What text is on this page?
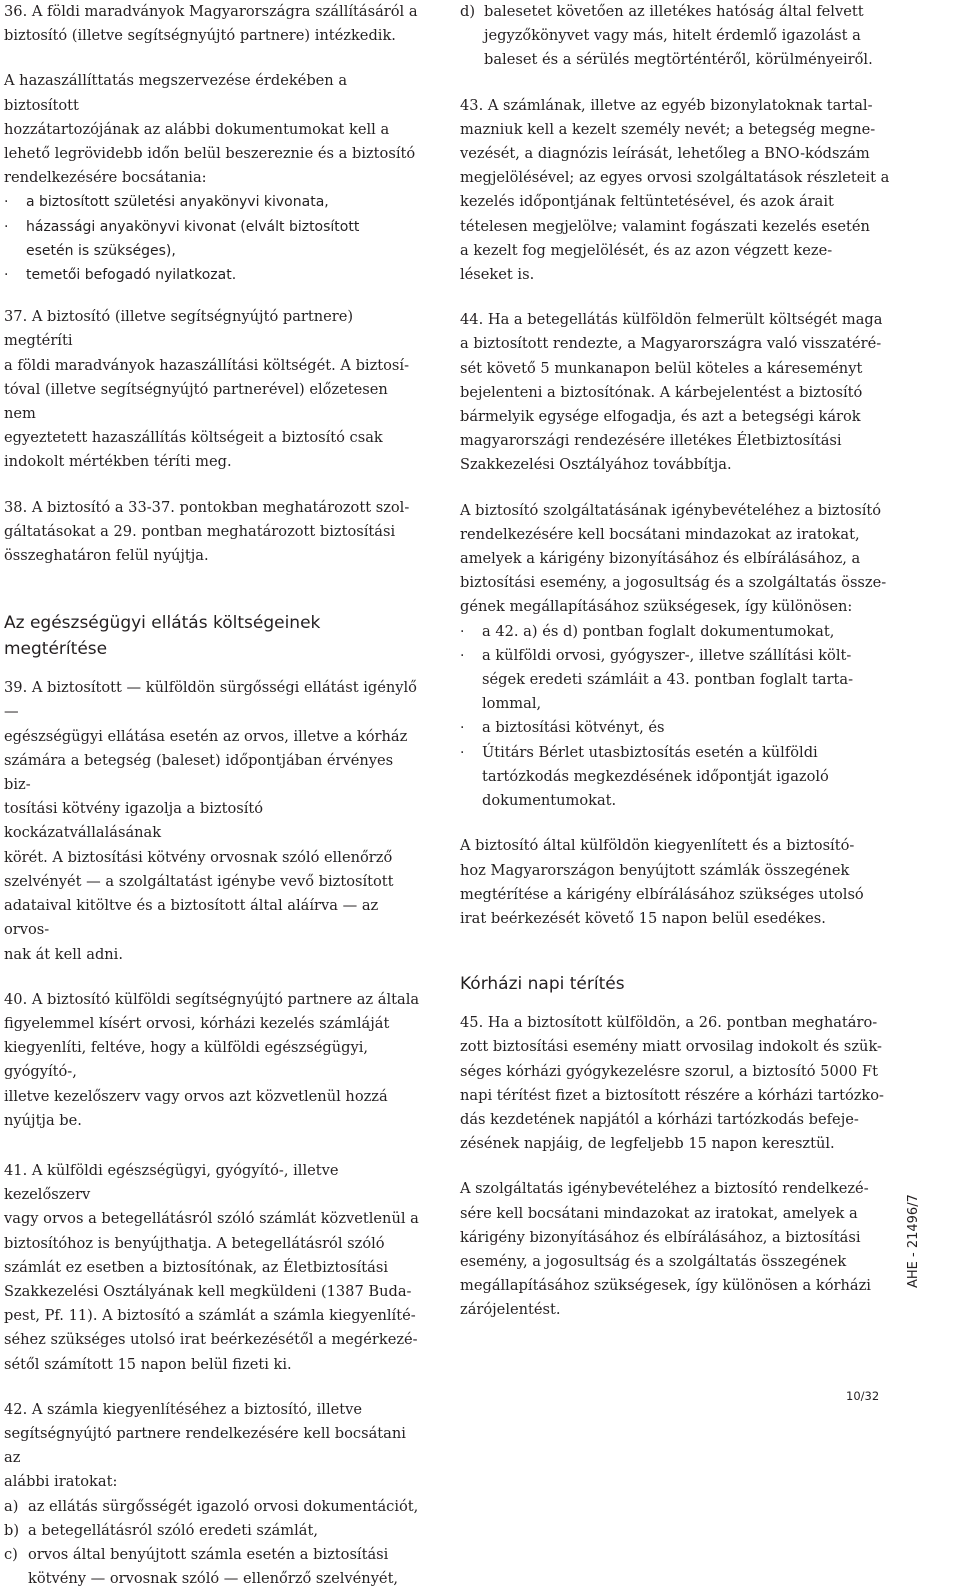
36. A földi maradványok Magyarországra szállításáról a
biztosító (illetve segítségnyújtó partnere) intézkedik.

A hazaszállíttatás megszervezése érdekében a biztosított
hozzátartozójának az alábbi dokumentumokat kell a
lehető legrövidebb időn belül beszereznie és a biztosító
rendelkezésére bocsátania:

·	a biztosított születési anyakönyvi kivonata,
·	házassági anyakönyvi kivonat (elvált biztosított
esetén is szükséges),
·	temetői befogadó nyilatkozat.

37. A biztosító (illetve segítségnyújtó partnere) megtéríti
a földi maradványok hazaszállítási költségét. A biztosí-
tóval (illetve segítségnyújtó partnerével) előzetesen nem
egyeztetett hazaszállítás költségeit a biztosító csak
indokolt mértékben téríti meg.

38. A biztosító a 33-37. pontokban meghatározott szol-
gáltatásokat a 29. pontban meghatározott biztosítási
összeghatáron felül nyújtja.

Az egészségügyi ellátás költségeinek megtérítése

39. A biztosított — külföldön sürgősségi ellátást igénylő —
egészségügyi ellátása esetén az orvos, illetve a kórház
számára a betegség (baleset) időpontjában érvényes biz-
tosítási kötvény igazolja a biztosító kockázatvállalásának
körét. A biztosítási kötvény orvosnak szóló ellenőrző
szelvényét — a szolgáltatást igénybe vevő biztosított
adataival kitöltve és a biztosított által aláírva — az orvos-
nak át kell adni.

40. A biztosító külföldi segítségnyújtó partnere az általa
figyelemmel kísért orvosi, kórházi kezelés számláját
kiegyenlíti, feltéve, hogy a külföldi egészségügyi, gyógyító-,
illetve kezelőszerv vagy orvos azt közvetlenül hozzá
nyújtja be.

41. A külföldi egészségügyi, gyógyító-, illetve kezelőszerv
vagy orvos a betegellátásról szóló számlát közvetlenül a
biztosítóhoz is benyújthatja. A betegellátásról szóló
számlát ez esetben a biztosítónak, az Életbiztosítási
Szakkezelési Osztályának kell megküldeni (1387 Buda-
pest, Pf. 11). A biztosító a számlát a számla kiegyenlíté-
séhez szükséges utolsó irat beérkezésétől a megérkezé-
sétől számított 15 napon belül fizeti ki.

42. A számla kiegyenlítéséhez a biztosító, illetve
segítségnyújtó partnere rendelkezésére kell bocsátani az
alábbi iratokat:

a) az ellátás sürgősségét igazoló orvosi dokumentációt,
b) a betegellátásról szóló eredeti számlát,
c) orvos által benyújtott számla esetén a biztosítási
kötvény — orvosnak szóló — ellenőrző szelvényét,
d) balesetet követően az illetékes hatóság által felvett
jegyzőkönyvet vagy más, hitelt érdemlő igazolást a
baleset és a sérülés megtörténtéről, körülményeiről.

43. A számlának, illetve az egyéb bizonylatoknak tartal-
mazniuk kell a kezelt személy nevét; a betegség megne-
vezését, a diagnózis leírását, lehetőleg a BNO-kódszám
megjelölésével; az egyes orvosi szolgáltatások részleteit a
kezelés időpontjának feltüntetésével, és azok árait
tételesen megjelölve; valamint fogászati kezelés esetén
a kezelt fog megjelölését, és az azon végzett keze-
léseket is.

44. Ha a betegellátás külföldön felmerült költségét maga
a biztosított rendezte, a Magyarországra való visszatéré-
sét követő 5 munkanapon belül köteles a káreseményt
bejelenteni a biztosítónak. A kárbejelentést a biztosító
bármelyik egysége elfogadja, és azt a betegségi károk
magyarországi rendezésére illetékes Életbiztosítási
Szakkezelési Osztályához továbbítja.

A biztosító szolgáltatásának igénybevételéhez a biztosító
rendelkezésére kell bocsátani mindazokat az iratokat,
amelyek a kárigény bizonyításához és elbírálásához, a
biztosítási esemény, a jogosultság és a szolgáltatás össze-
gének megállapításához szükségesek, így különösen:

·	a 42. a) és d) pontban foglalt dokumentumokat,
·	a külföldi orvosi, gyógyszer-, illetve szállítási költ-
ségek eredeti számláit a 43. pontban foglalt tarta-
lommal,
·	a biztosítási kötvényt, és
·	Útitárs Bérlet utasbiztosítás esetén a külföldi
tartózkodás megkezdésének időpontját igazoló
dokumentumokat.

A biztosító által külföldön kiegyenlített és a biztosító-
hoz Magyarországon benyújtott számlák összegének
megtérítése a kárigény elbírálásához szükséges utolsó
irat beérkezését követő 15 napon belül esedékes.

Kórházi napi térítés

45. Ha a biztosított külföldön, a 26. pontban meghatáro-
zott biztosítási esemény miatt orvosilag indokolt és szük-
séges kórházi gyógykezelésre szorul, a biztosító 5000 Ft
napi térítést fizet a biztosított részére a kórházi tartózko-
dás kezdetének napjától a kórházi tartózkodás befeje-
zésének napjáig, de legfeljebb 15 napon keresztül.

A szolgáltatás igénybevételéhez a biztosító rendelkezé-
sére kell bocsátani mindazokat az iratokat, amelyek a
kárigény bizonyításához és elbírálásához, a biztosítási
esemény, a jogosultság és a szolgáltatás összegének
megállapításához szükségesek, így különösen a kórházi
zárójelentést.

AHE - 21496/7
10/32
